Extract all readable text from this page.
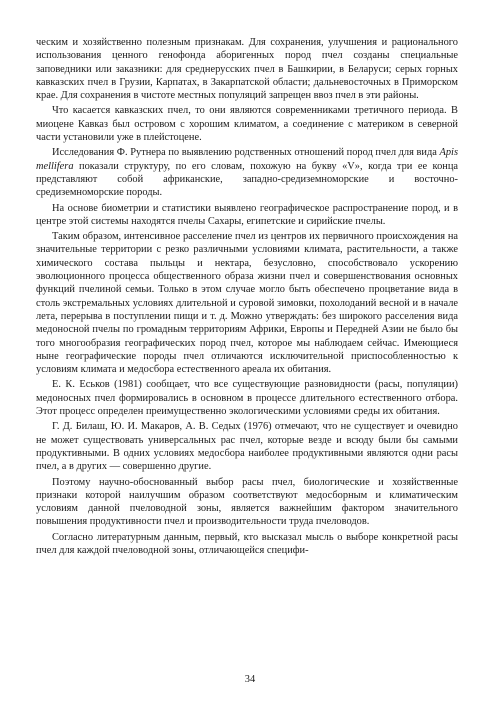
ческим и хозяйственно полезным признакам. Для сохранения, улучшения и рационального использования ценного генофонда аборигенных пород пчел созданы специальные заповедники или заказники: для среднерусских пчел в Башкирии, в Беларуси; серых горных кавказских пчел в Грузии, Карпатах, в Закарпатской области; дальневосточных в Приморском крае. Для сохранения в чистоте местных популяций запрещен ввоз пчел в эти районы.

Что касается кавказских пчел, то они являются современниками третичного периода. В миоцене Кавказ был островом с хорошим климатом, а соединение с материком в северной части установили уже в плейстоцене.

Исследования Ф. Рутнера по выявлению родственных отношений пород пчел для вида Apis mellifera показали структуру, по его словам, похожую на букву «V», когда три ее конца представляют собой африканские, западно-средиземноморские и восточно-средиземноморские породы.

На основе биометрии и статистики выявлено географическое распространение пород, и в центре этой системы находятся пчелы Сахары, египетские и сирийские пчелы.

Таким образом, интенсивное расселение пчел из центров их первичного происхождения на значительные территории с резко различными условиями климата, растительности, а также химического состава пыльцы и нектара, безусловно, способствовало ускорению эволюционного процесса общественного образа жизни пчел и совершенствования основных функций пчелиной семьи. Только в этом случае могло быть обеспечено процветание вида в столь экстремальных условиях длительной и суровой зимовки, похолоданий весной и в начале лета, перерыва в поступлении пищи и т. д. Можно утверждать: без широкого расселения вида медоносной пчелы по громадным территориям Африки, Европы и Передней Азии не было бы того многообразия географических пород пчел, которое мы наблюдаем сейчас. Имеющиеся ныне географические породы пчел отличаются исключительной приспособленностью к условиям климата и медосбора естественного ареала их обитания.

Е. К. Еськов (1981) сообщает, что все существующие разновидности (расы, популяции) медоносных пчел формировались в основном в процессе длительного естественного отбора. Этот процесс определен преимущественно экологическими условиями среды их обитания.

Г. Д. Билаш, Ю. И. Макаров, А. В. Седых (1976) отмечают, что не существует и очевидно не может существовать универсальных рас пчел, которые везде и всюду были бы самыми продуктивными. В одних условиях медосбора наиболее продуктивными являются одни расы пчел, а в других — совершенно другие.

Поэтому научно-обоснованный выбор расы пчел, биологические и хозяйственные признаки которой наилучшим образом соответствуют медосборным и климатическим условиям данной пчеловодной зоны, является важнейшим фактором значительного повышения продуктивности пчел и производительности труда пчеловодов.

Согласно литературным данным, первый, кто высказал мысль о выборе конкретной расы пчел для каждой пчеловодной зоны, отличающейся специфи-

34
